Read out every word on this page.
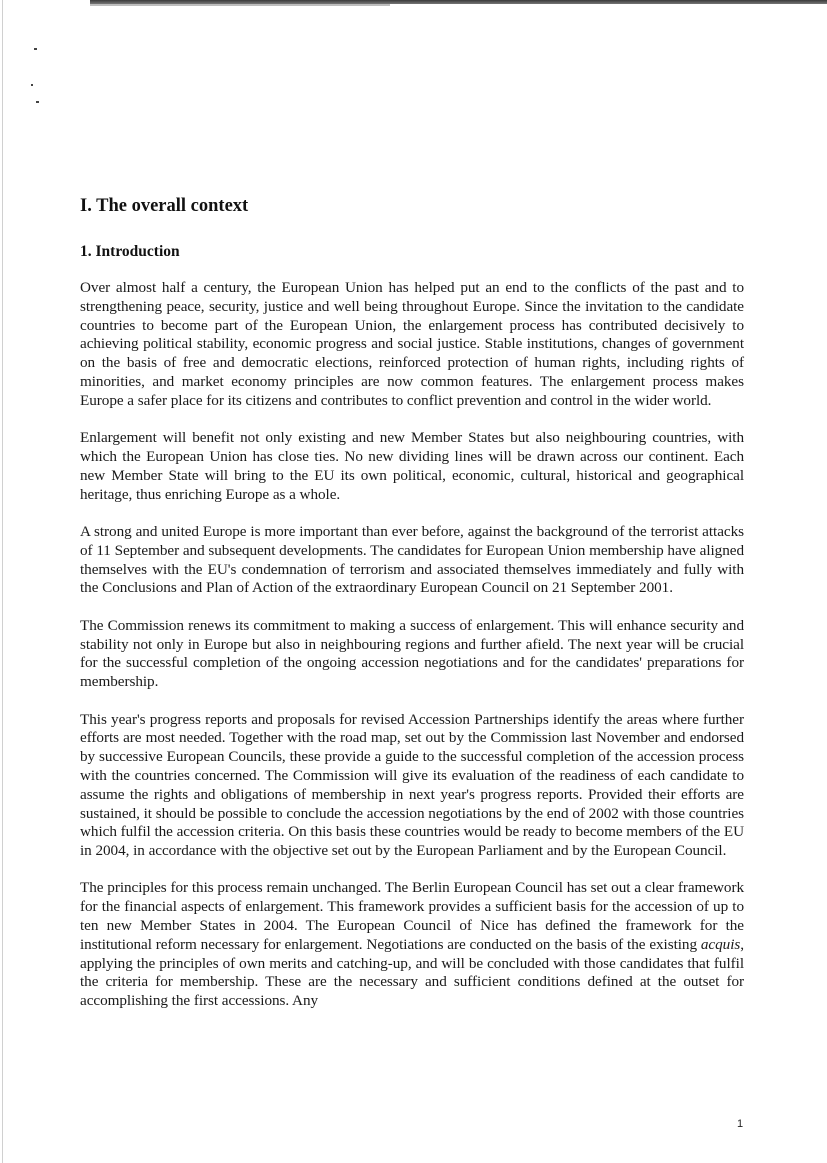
I. The overall context
1. Introduction

Over almost half a century, the European Union has helped put an end to the conflicts of the past and to strengthening peace, security, justice and well being throughout Europe. Since the invitation to the candidate countries to become part of the European Union, the enlargement process has contributed decisively to achieving political stability, economic progress and social justice. Stable institutions, changes of government on the basis of free and democratic elections, reinforced protection of human rights, including rights of minorities, and market economy principles are now common features. The enlargement process makes Europe a safer place for its citizens and contributes to conflict prevention and control in the wider world.

Enlargement will benefit not only existing and new Member States but also neighbouring countries, with which the European Union has close ties. No new dividing lines will be drawn across our continent. Each new Member State will bring to the EU its own political, economic, cultural, historical and geographical heritage, thus enriching Europe as a whole.

A strong and united Europe is more important than ever before, against the background of the terrorist attacks of 11 September and subsequent developments. The candidates for European Union membership have aligned themselves with the EU's condemnation of terrorism and associated themselves immediately and fully with the Conclusions and Plan of Action of the extraordinary European Council on 21 September 2001.

The Commission renews its commitment to making a success of enlargement. This will enhance security and stability not only in Europe but also in neighbouring regions and further afield. The next year will be crucial for the successful completion of the ongoing accession negotiations and for the candidates' preparations for membership.

This year's progress reports and proposals for revised Accession Partnerships identify the areas where further efforts are most needed. Together with the road map, set out by the Commission last November and endorsed by successive European Councils, these provide a guide to the successful completion of the accession process with the countries concerned. The Commission will give its evaluation of the readiness of each candidate to assume the rights and obligations of membership in next year's progress reports. Provided their efforts are sustained, it should be possible to conclude the accession negotiations by the end of 2002 with those countries which fulfil the accession criteria. On this basis these countries would be ready to become members of the EU in 2004, in accordance with the objective set out by the European Parliament and by the European Council.

The principles for this process remain unchanged. The Berlin European Council has set out a clear framework for the financial aspects of enlargement. This framework provides a sufficient basis for the accession of up to ten new Member States in 2004. The European Council of Nice has defined the framework for the institutional reform necessary for enlargement. Negotiations are conducted on the basis of the existing acquis, applying the principles of own merits and catching-up, and will be concluded with those candidates that fulfil the criteria for membership. These are the necessary and sufficient conditions defined at the outset for accomplishing the first accessions. Any

1
